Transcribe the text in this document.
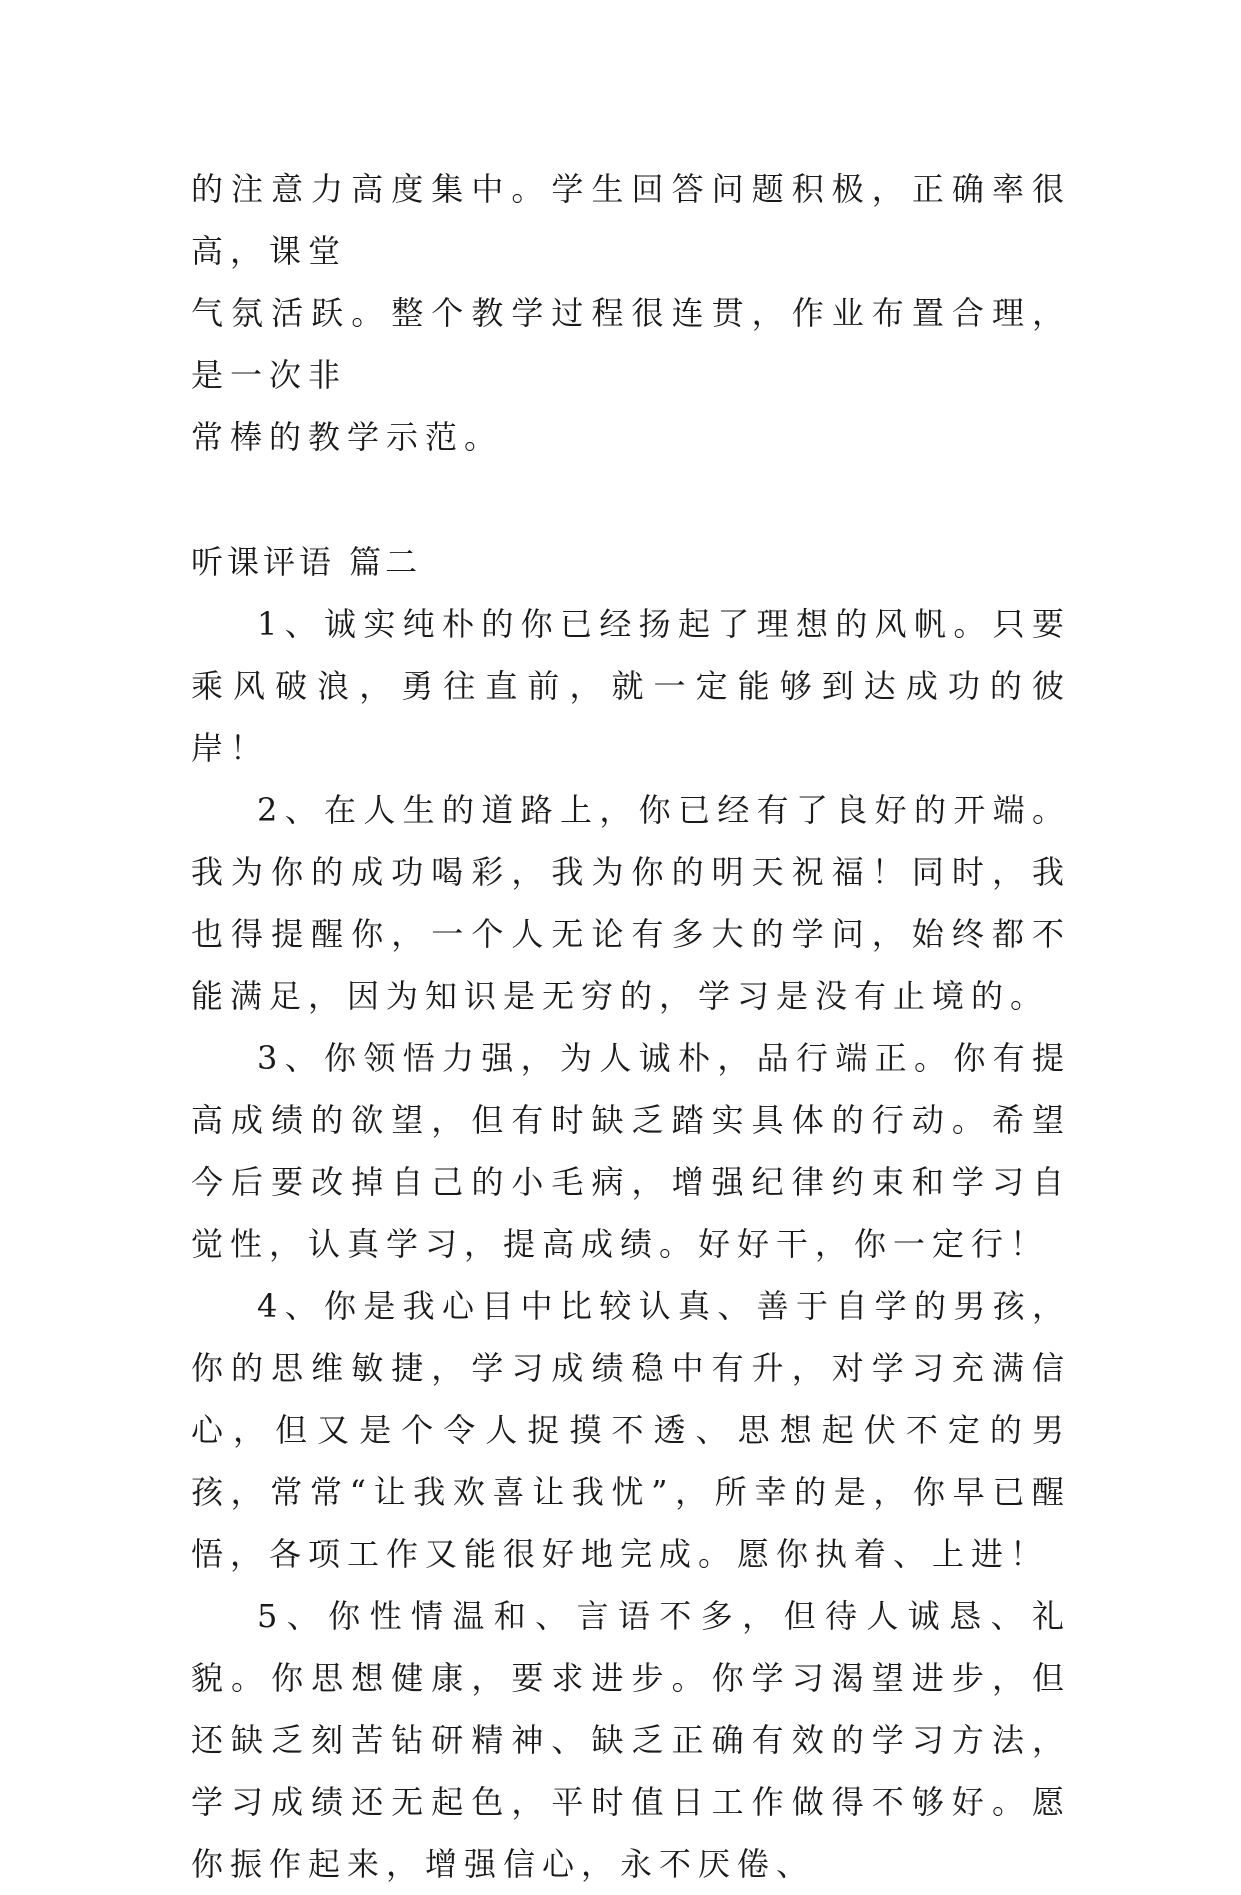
的注意力高度集中。学生回答问题积极，正确率很高，课堂
气氛活跃。整个教学过程很连贯，作业布置合理，是一次非
常棒的教学示范。

听课评语 篇二

1、诚实纯朴的你已经扬起了理想的风帆。只要乘风破浪，勇往直前，就一定能够到达成功的彼岸！

2、在人生的道路上，你已经有了良好的开端。我为你的成功喝彩，我为你的明天祝福！同时，我也得提醒你，一个人无论有多大的学问，始终都不能满足，因为知识是无穷的，学习是没有止境的。

3、你领悟力强，为人诚朴，品行端正。你有提高成绩的欲望，但有时缺乏踏实具体的行动。希望今后要改掉自己的小毛病，增强纪律约束和学习自觉性，认真学习，提高成绩。好好干，你一定行！

4、你是我心目中比较认真、善于自学的男孩，你的思维敏捷，学习成绩稳中有升，对学习充满信心，但又是个令人捉摸不透、思想起伏不定的男孩，常常“让我欢喜让我忧”，所幸的是，你早已醒悟，各项工作又能很好地完成。愿你执着、上进！

5、你性情温和、言语不多，但待人诚恳、礼貌。你思想健康，要求进步。你学习渴望进步，但还缺乏刻苦钻研精神、缺乏正确有效的学习方法，学习成绩还无起色，平时值日工作做得不够好。愿你振作起来，增强信心，永不厌倦、
